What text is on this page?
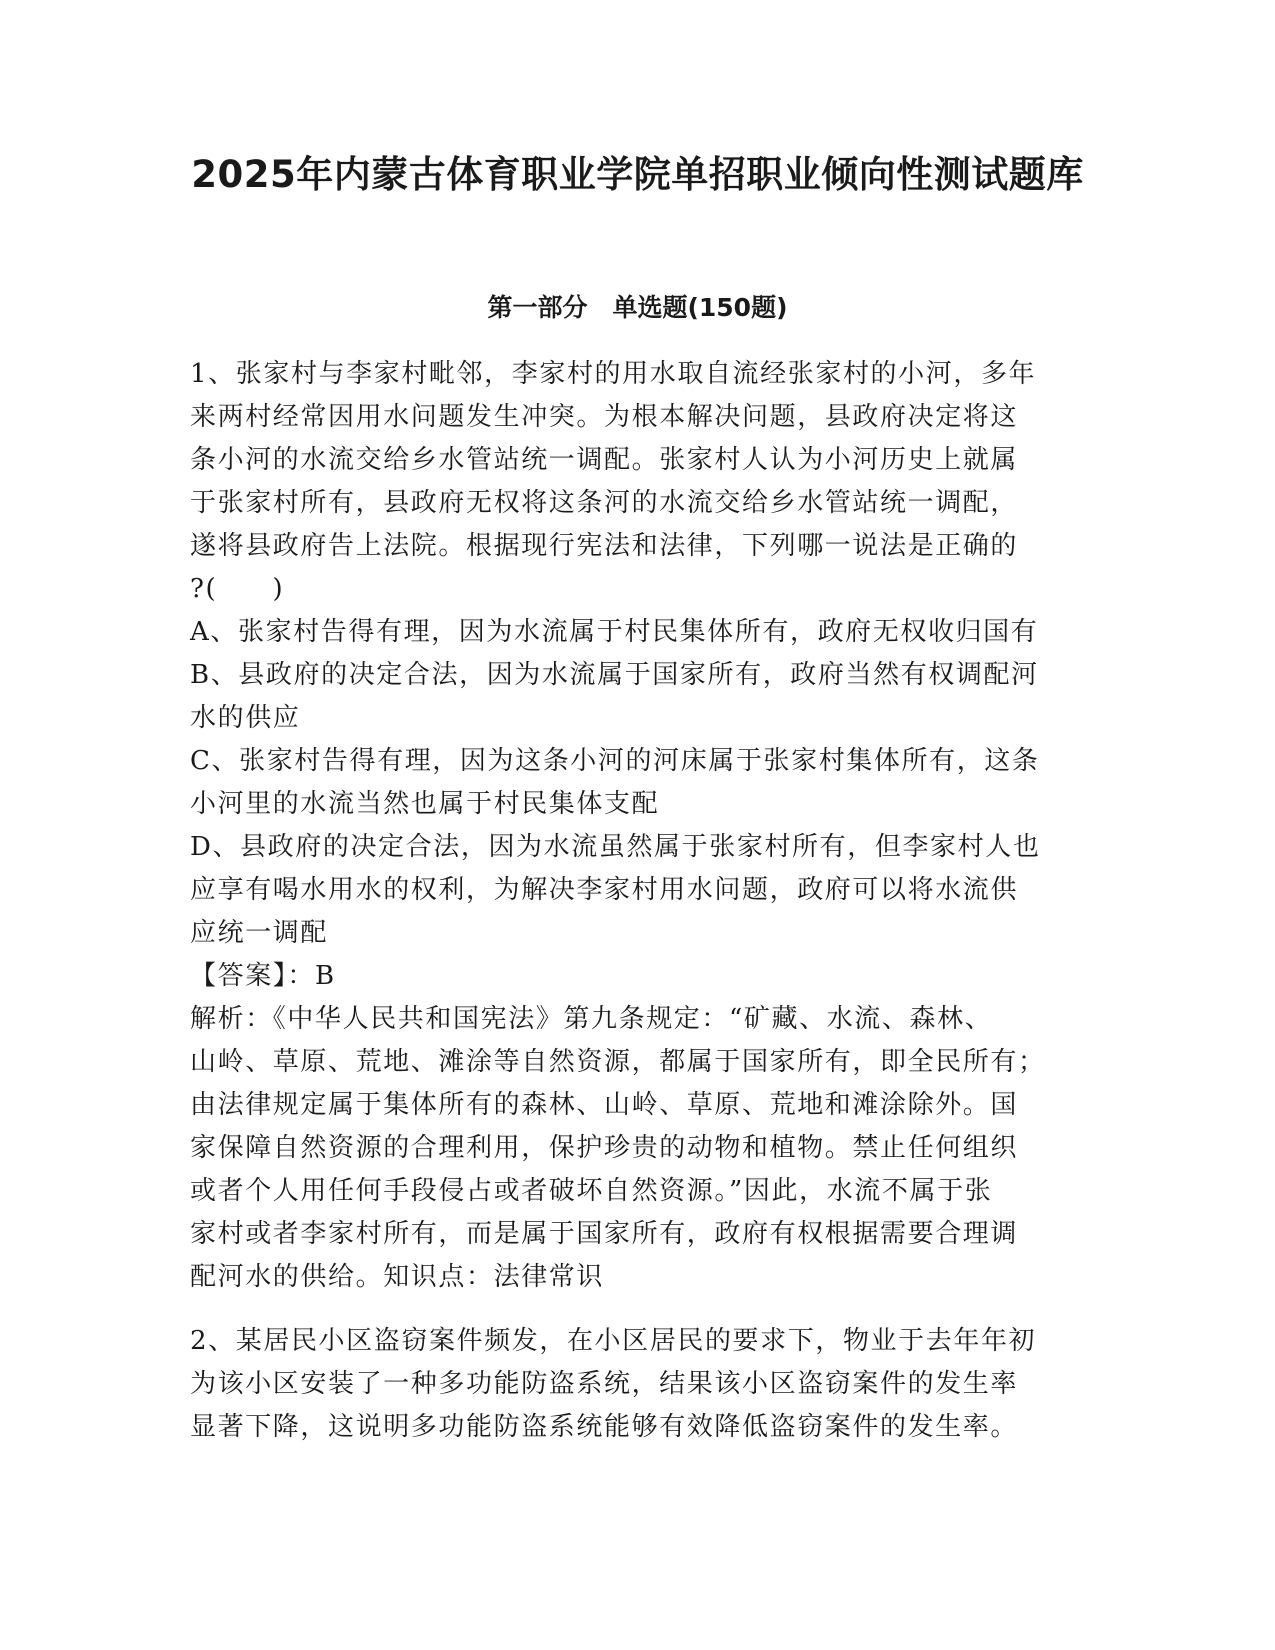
2025年内蒙古体育职业学院单招职业倾向性测试题库
第一部分　单选题(150题)
1、张家村与李家村毗邻，李家村的用水取自流经张家村的小河，多年
来两村经常因用水问题发生冲突。为根本解决问题，县政府决定将这
条小河的水流交给乡水管站统一调配。张家村人认为小河历史上就属
于张家村所有，县政府无权将这条河的水流交给乡水管站统一调配，
遂将县政府告上法院。根据现行宪法和法律，下列哪一说法是正确的
?(　　)
A、张家村告得有理，因为水流属于村民集体所有，政府无权收归国有
B、县政府的决定合法，因为水流属于国家所有，政府当然有权调配河
水的供应
C、张家村告得有理，因为这条小河的河床属于张家村集体所有，这条
小河里的水流当然也属于村民集体支配
D、县政府的决定合法，因为水流虽然属于张家村所有，但李家村人也
应享有喝水用水的权利，为解决李家村用水问题，政府可以将水流供
应统一调配
【答案】：B
解析：《中华人民共和国宪法》第九条规定：“矿藏、水流、森林、
山岭、草原、荒地、滩涂等自然资源，都属于国家所有，即全民所有；
由法律规定属于集体所有的森林、山岭、草原、荒地和滩涂除外。国
家保障自然资源的合理利用，保护珍贵的动物和植物。禁止任何组织
或者个人用任何手段侵占或者破坏自然资源。”因此，水流不属于张
家村或者李家村所有，而是属于国家所有，政府有权根据需要合理调
配河水的供给。知识点：法律常识
2、某居民小区盗窃案件频发，在小区居民的要求下，物业于去年年初
为该小区安装了一种多功能防盗系统，结果该小区盗窃案件的发生率
显著下降，这说明多功能防盗系统能够有效降低盗窃案件的发生率。
